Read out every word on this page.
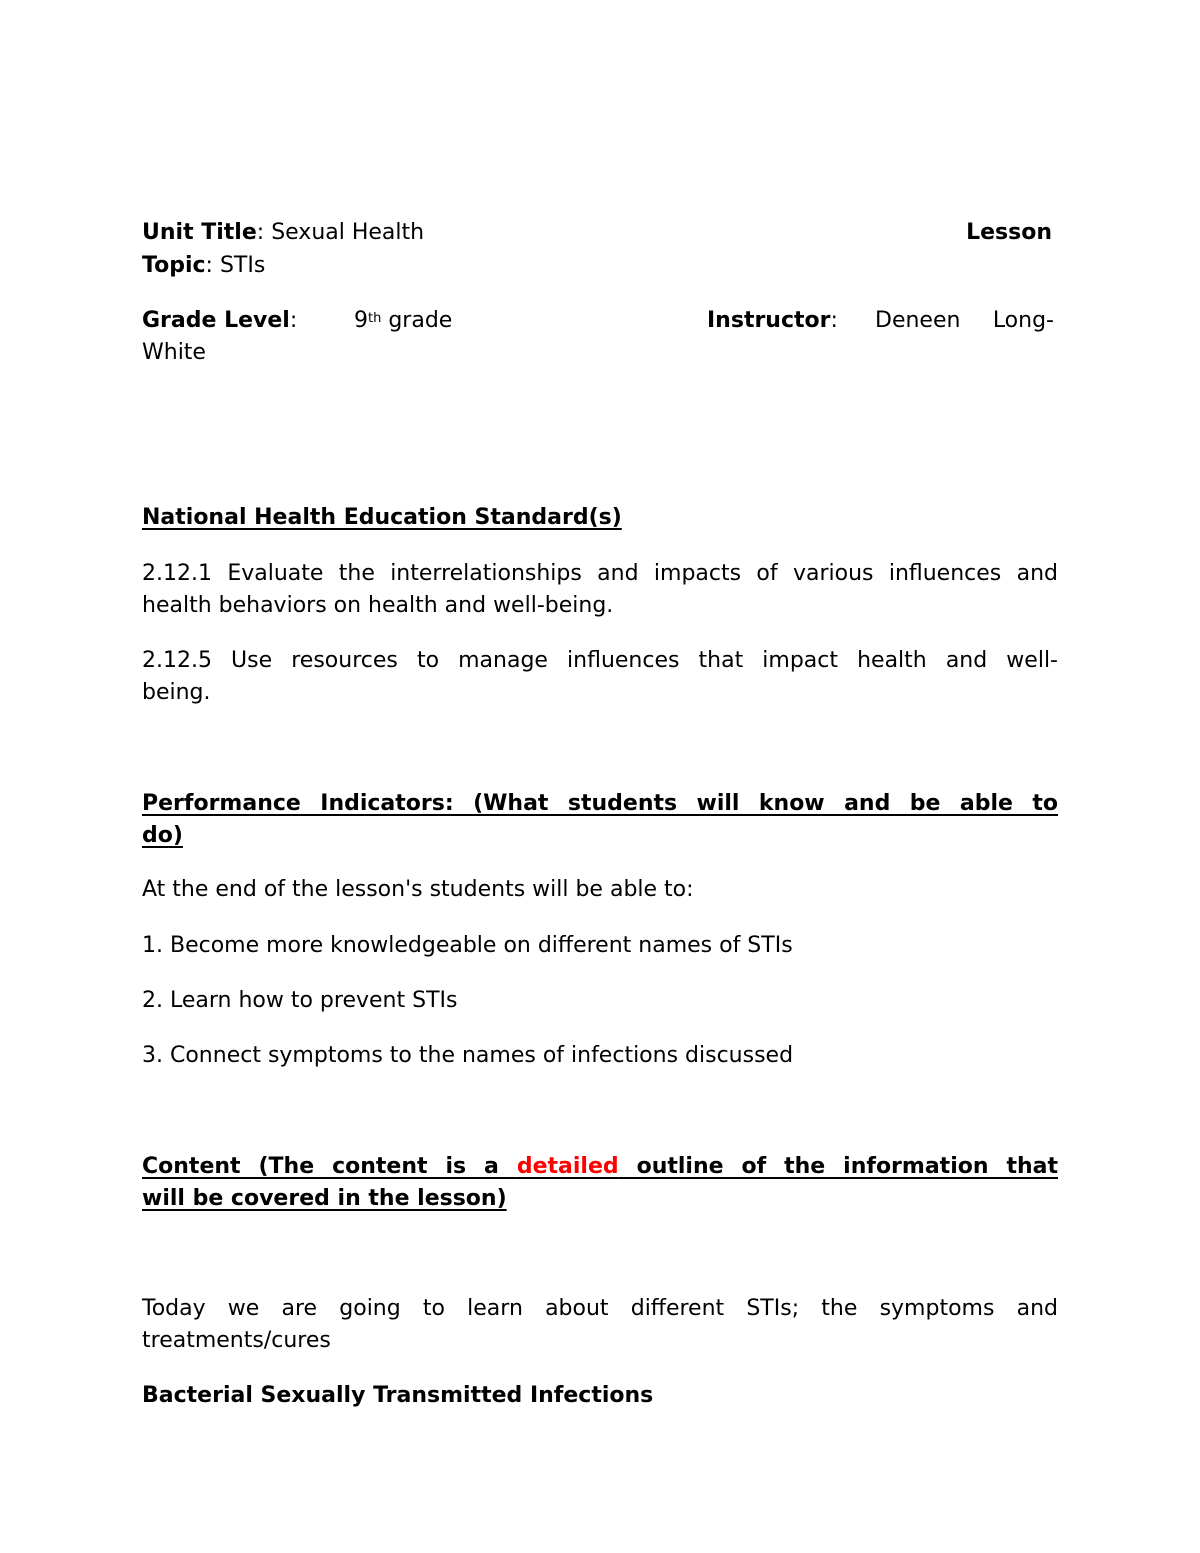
Unit Title: Sexual Health	Lesson
Topic: STIs
Grade Level:	9th grade	Instructor: Deneen Long-
White
National Health Education Standard(s)
2.12.1 Evaluate the interrelationships and impacts of various influences and
health behaviors on health and well-being.
2.12.5 Use resources to manage influences that impact health and well-
being.
Performance Indicators: (What students will know and be able to
do)
At the end of the lesson's students will be able to:
1. Become more knowledgeable on different names of STIs
2. Learn how to prevent STIs
3. Connect symptoms to the names of infections discussed
Content (The content is a detailed outline of the information that
will be covered in the lesson)
Today we are going to learn about different STIs; the symptoms and
treatments/cures
Bacterial Sexually Transmitted Infections
